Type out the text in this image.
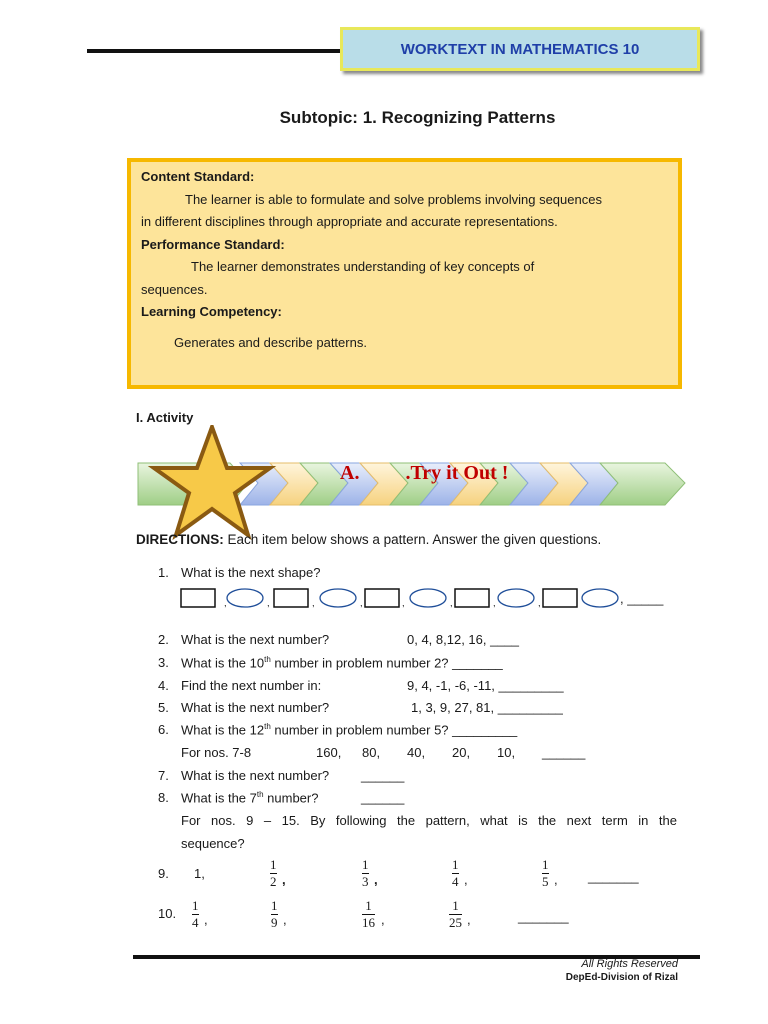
WORKTEXT IN MATHEMATICS 10
Subtopic: 1. Recognizing Patterns
Content Standard:
The learner is able to formulate and solve problems involving sequences
in different disciplines through appropriate and accurate representations.
Performance Standard:
The learner demonstrates understanding of key concepts of
sequences.
Learning Competency:
Generates and describe patterns.
I. Activity
A. .Try it Out !
DIRECTIONS: Each item below shows a pattern. Answer the given questions.
1.
2.
3.
4.
5.
6.
7.
8.
9.
10.
What is the next shape?
,	,	,	,	,	,	,	,	, _____
What is the next number?	0, 4, 8,12, 16, ____
What is the 10th number in problem number 2? _______
Find the next number in:	9, 4, -1, -6, -11, _________
What is the next number?	1, 3, 9, 27, 81, _________
What is the 12th number in problem number 5? _________
For nos. 7-8	160, 80, 40, 20, 10, ______
What is the next number? ______
What is the 7th number?	______
For nos. 9 – 15. By following the pattern, what is the next term in the
sequence?
1,
1
2 ,
1
3 ,
1
4 ,
1
5 , _______
1
4 ,
1
9 ,
1
16 ,
1
25 ,	_______
All Rights Reserved
DepEd-Division of Rizal
